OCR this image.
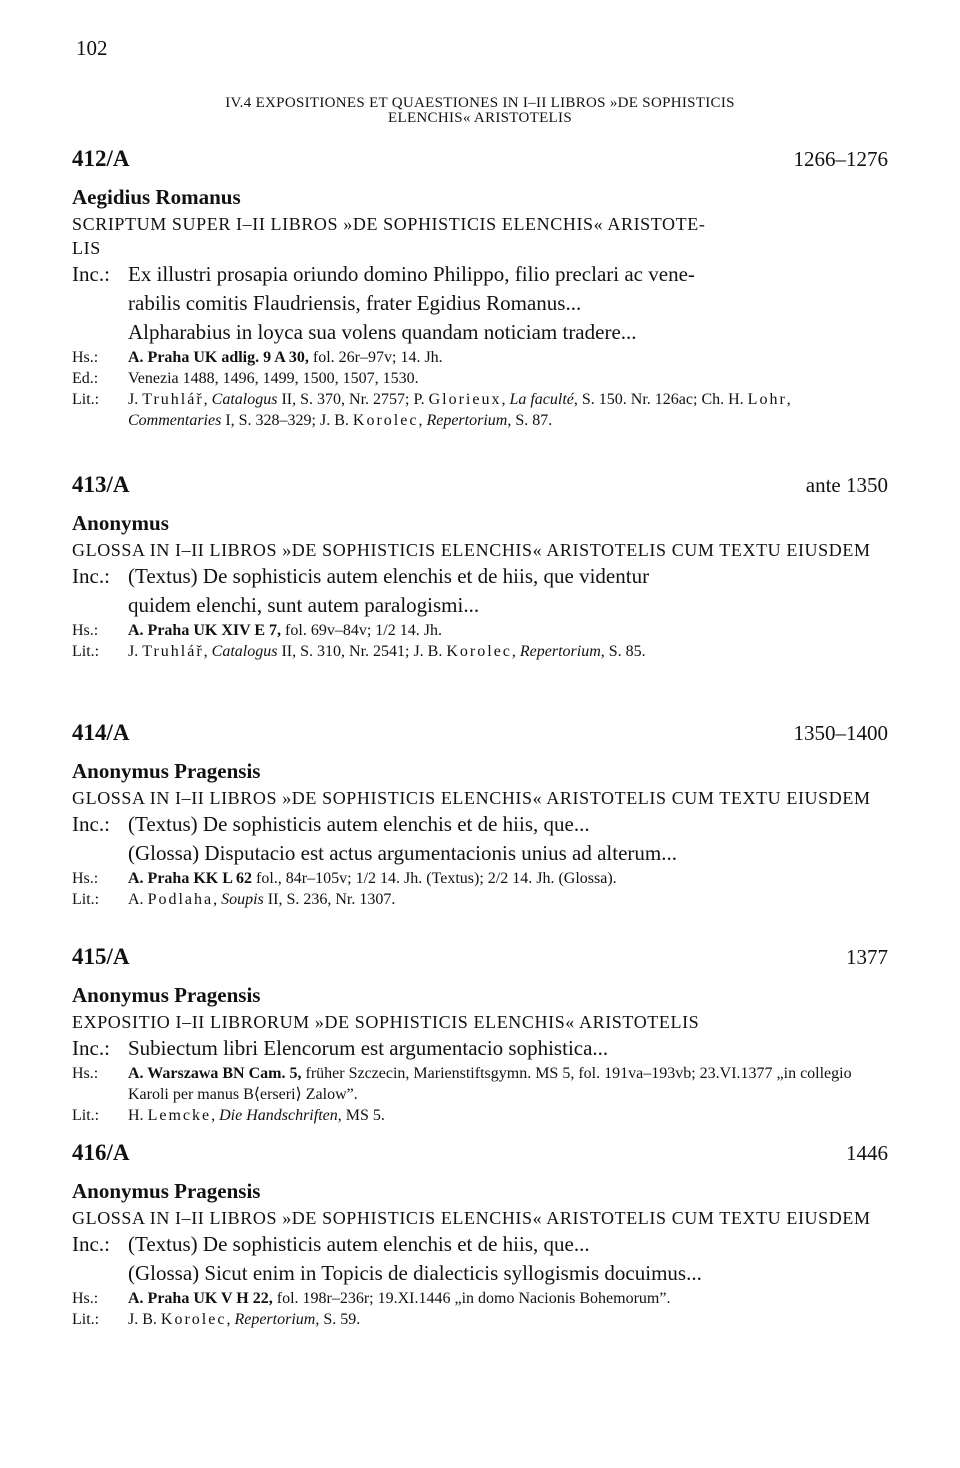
102
IV.4 EXPOSITIONES ET QUAESTIONES IN I–II LIBROS »DE SOPHISTICIS
ELENCHIS« ARISTOTELIS
412/A	1266–1276
Aegidius Romanus
SCRIPTUM SUPER I–II LIBROS »DE SOPHISTICIS ELENCHIS« ARISTOTE-
LIS
Inc.: Ex illustri prosapia oriundo domino Philippo, filio preclari ac vene-
rabilis comitis Flaudriensis, frater Egidius Romanus...
Alpharabius in loyca sua volens quandam noticiam tradere...
Hs.:	A. Praha UK adlig. 9 A 30, fol. 26r–97v; 14. Jh.
Ed.:	Venezia 1488, 1496, 1499, 1500, 1507, 1530.
Lit.:	J. Truhlář, Catalogus II, S. 370, Nr. 2757; P. Glorieux, La faculté, S. 150. Nr. 126ac; Ch. H. Lohr, Commentaries I, S. 328–329; J. B. Korolec, Repertorium, S. 87.
413/A	ante 1350
Anonymus
GLOSSA IN I–II LIBROS »DE SOPHISTICIS ELENCHIS« ARISTOTELIS CUM TEXTU EIUSDEM
Inc.: (Textus) De sophisticis autem elenchis et de hiis, que videntur
quidem elenchi, sunt autem paralogismi...
Hs.:	A. Praha UK XIV E 7, fol. 69v–84v; 1/2 14. Jh.
Lit.:	J. Truhlář, Catalogus II, S. 310, Nr. 2541; J. B. Korolec, Repertorium, S. 85.
414/A	1350–1400
Anonymus Pragensis
GLOSSA IN I–II LIBROS »DE SOPHISTICIS ELENCHIS« ARISTOTELIS CUM TEXTU EIUSDEM
Inc.: (Textus) De sophisticis autem elenchis et de hiis, que...
(Glossa) Disputacio est actus argumentacionis unius ad alterum...
Hs.:	A. Praha KK L 62 fol., 84r–105v; 1/2 14. Jh. (Textus); 2/2 14. Jh. (Glossa).
Lit.:	A. Podlaha, Soupis II, S. 236, Nr. 1307.
415/A	1377
Anonymus Pragensis
EXPOSITIO I–II LIBRORUM »DE SOPHISTICIS ELENCHIS« ARISTOTELIS
Inc.: Subiectum libri Elencorum est argumentacio sophistica...
Hs.:	A. Warszawa BN Cam. 5, früher Szczecin, Marienstiftsgymn. MS 5, fol. 191va–193vb; 23.VI.1377 „in collegio Karoli per manus B⟨erseri⟩ Zalow”.
Lit.:	H. Lemcke, Die Handschriften, MS 5.
416/A	1446
Anonymus Pragensis
GLOSSA IN I–II LIBROS »DE SOPHISTICIS ELENCHIS« ARISTOTELIS CUM TEXTU EIUSDEM
Inc.: (Textus) De sophisticis autem elenchis et de hiis, que...
(Glossa) Sicut enim in Topicis de dialecticis syllogismis docuimus...
Hs.:	A. Praha UK V H 22, fol. 198r–236r; 19.XI.1446 „in domo Nacionis Bohemorum”.
Lit.:	J. B. Korolec, Repertorium, S. 59.
